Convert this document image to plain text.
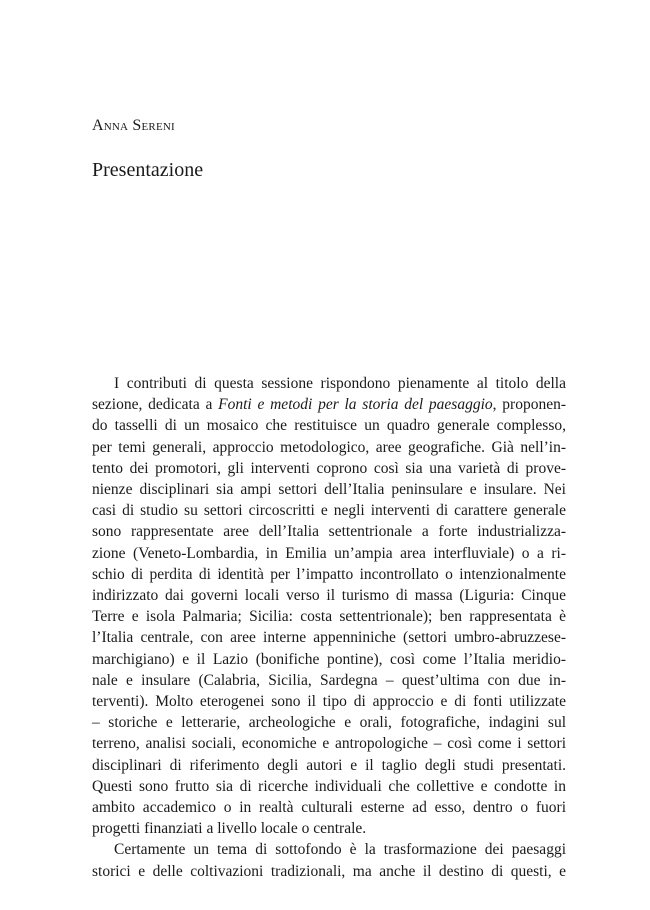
Anna Sereni

Presentazione
I contributi di questa sessione rispondono pienamente al titolo della
sezione, dedicata a Fonti e metodi per la storia del paesaggio, proponen-
do tasselli di un mosaico che restituisce un quadro generale complesso,
per temi generali, approccio metodologico, aree geografiche. Già nell’in-
tento dei promotori, gli interventi coprono così sia una varietà di prove-
nienze disciplinari sia ampi settori dell’Italia peninsulare e insulare. Nei
casi di studio su settori circoscritti e negli interventi di carattere generale
sono rappresentate aree dell’Italia settentrionale a forte industrializza-
zione (Veneto-Lombardia, in Emilia un’ampia area interfluviale) o a ri-
schio di perdita di identità per l’impatto incontrollato o intenzionalmente
indirizzato dai governi locali verso il turismo di massa (Liguria: Cinque
Terre e isola Palmaria; Sicilia: costa settentrionale); ben rappresentata è
l’Italia centrale, con aree interne appenniniche (settori umbro-abruzzese-
marchigiano) e il Lazio (bonifiche pontine), così come l’Italia meridio-
nale e insulare (Calabria, Sicilia, Sardegna – quest’ultima con due in-
terventi). Molto eterogenei sono il tipo di approccio e di fonti utilizzate
– storiche e letterarie, archeologiche e orali, fotografiche, indagini sul
terreno, analisi sociali, economiche e antropologiche – così come i settori
disciplinari di riferimento degli autori e il taglio degli studi presentati.
Questi sono frutto sia di ricerche individuali che collettive e condotte in
ambito accademico o in realtà culturali esterne ad esso, dentro o fuori
progetti finanziati a livello locale o centrale.
Certamente un tema di sottofondo è la trasformazione dei paesaggi
storici e delle coltivazioni tradizionali, ma anche il destino di questi, e
